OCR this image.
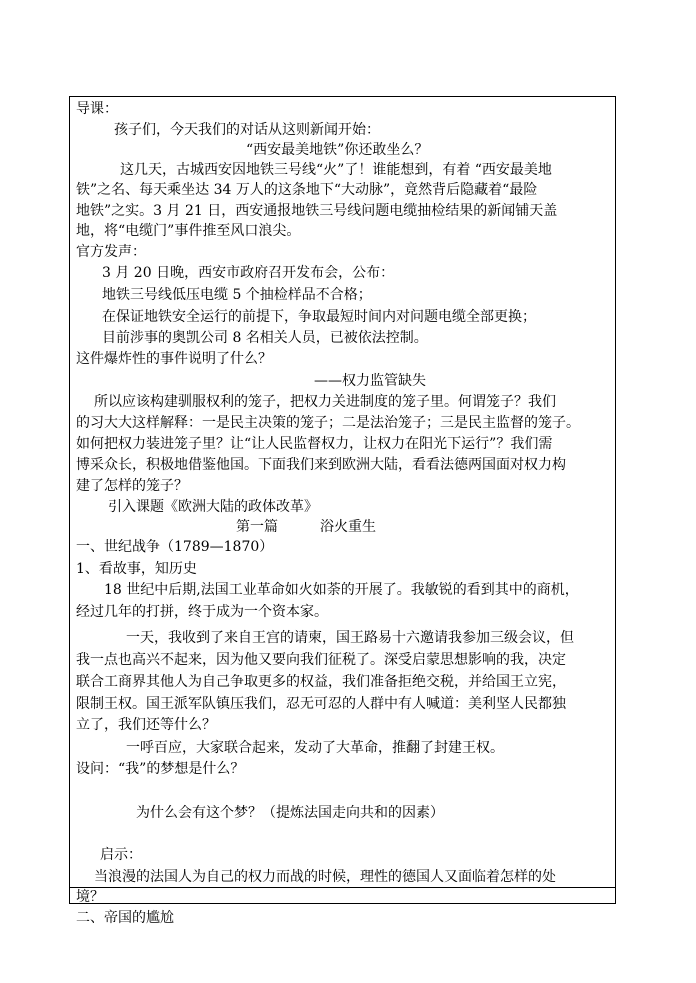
导课：
孩子们，今天我们的对话从这则新闻开始：
“西安最美地铁”你还敢坐么？
这几天，古城西安因地铁三号线“火”了！谁能想到，有着 “西安最美地
铁”之名、每天乘坐达 34 万人的这条地下“大动脉”，竟然背后隐藏着“最险
地铁”之实。3 月 21 日，西安通报地铁三号线问题电缆抽检结果的新闻铺天盖
地，将“电缆门”事件推至风口浪尖。
官方发声：
3 月 20 日晚，西安市政府召开发布会，公布：
地铁三号线低压电缆 5 个抽检样品不合格；
在保证地铁安全运行的前提下，争取最短时间内对问题电缆全部更换；
目前涉事的奥凯公司 8 名相关人员，已被依法控制。
这件爆炸性的事件说明了什么？
——权力监管缺失
所以应该构建驯服权利的笼子，把权力关进制度的笼子里。何谓笼子？我们
的习大大这样解释：一是民主决策的笼子；二是法治笼子；三是民主监督的笼子。
如何把权力装进笼子里？让“让人民监督权力，让权力在阳光下运行”？我们需
博采众长，积极地借鉴他国。下面我们来到欧洲大陆，看看法德两国面对权力构
建了怎样的笼子？
引入课题《欧洲大陆的政体改革》
第一篇　　　浴火重生
一、世纪战争（1789—1870）
1、看故事，知历史
18 世纪中后期,法国工业革命如火如荼的开展了。我敏锐的看到其中的商机，
经过几年的打拼，终于成为一个资本家。
一天，我收到了来自王宫的请柬，国王路易十六邀请我参加三级会议，但
我一点也高兴不起来，因为他又要向我们征税了。深受启蒙思想影响的我，决定
联合工商界其他人为自己争取更多的权益，我们准备拒绝交税，并给国王立宪，
限制王权。国王派军队镇压我们，忍无可忍的人群中有人喊道：美利坚人民都独
立了，我们还等什么？
一呼百应，大家联合起来，发动了大革命，推翻了封建王权。
设问：“我”的梦想是什么？
为什么会有这个梦？（提炼法国走向共和的因素）
启示：
当浪漫的法国人为自己的权力而战的时候，理性的德国人又面临着怎样的处
境？
二、帝国的尴尬
